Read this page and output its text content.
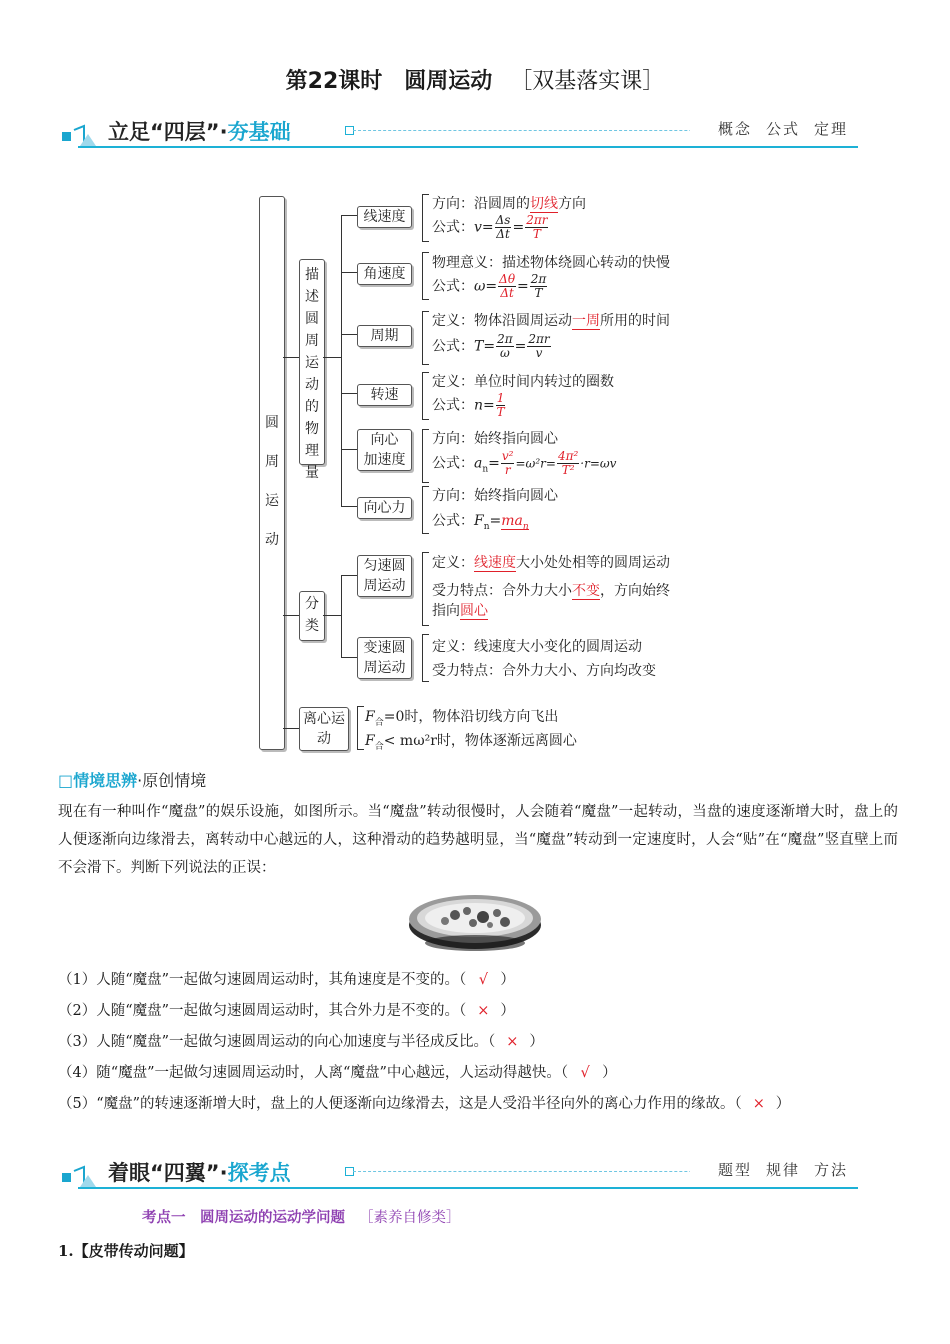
第22课时　圆周运动 ［双基落实课］
立足“四层”·夯基础	概念 公式 定理
圆周运动
描述圆周运动的物理量
线速度
角速度
周期
转速
向心
加速度
向心力
方向：沿圆周的切线方向
公式：$v= \frac{\Delta s}{\Delta t} = \frac{2\pi r}{T}$
物理意义：描述物体绕圆心转动的快慢
公式：$\omega= \frac{\Delta\theta}{\Delta t} = \frac{2\pi}{T}$
定义：物体沿圆周运动一周所用的时间
公式：$T= \frac{2\pi}{\omega} = \frac{2\pi r}{v}$
定义：单位时间内转过的圈数
公式：$n= \frac{1}{T}$
方向：始终指向圆心
公式：$a_n= \frac{\text{v²}}{r} =\omega^2r= \frac{\text{4π²}}{\text{T²}} \cdot r=\omega v$
方向：始终指向圆心
公式：$F_n=ma_n$
分类
匀速圆
周运动
变速圆
周运动
定义：线速度大小处处相等的圆周运动
受力特点：合外力大小不变，方向始终
指向圆心
定义：线速度大小变化的圆周运动
受力特点：合外力大小、方向均改变
离心运动
$F_合=0$时，物体沿切线方向飞出
$F_合< m\omega^2r$时，物体逐渐远离圆心
□情境思辨·原创情境
现在有一种叫作“魔盘”的娱乐设施，如图所示。当“魔盘”转动很慢时，人会随着“魔盘”一起转动，当盘的速度逐渐增大时，盘上的人便逐渐向边缘滑去，离转动中心越远的人，这种滑动的趋势越明显，当“魔盘”转动到一定速度时，人会“贴”在“魔盘”竖直壁上而不会滑下。判断下列说法的正误：
（1）人随“魔盘”一起做匀速圆周运动时，其角速度是不变的。（ √ ）
（2）人随“魔盘”一起做匀速圆周运动时，其合外力是不变的。（ × ）
（3）人随“魔盘”一起做匀速圆周运动的向心加速度与半径成反比。（ × ）
（4）随“魔盘”一起做匀速圆周运动时，人离“魔盘”中心越远，人运动得越快。（ √ ）
（5）“魔盘”的转速逐渐增大时，盘上的人便逐渐向边缘滑去，这是人受沿半径向外的离心力作用的缘故。（ × ）
着眼“四翼”·探考点	题型 规律 方法
考点一　圆周运动的运动学问题 ［素养自修类］
1.【皮带传动问题】
